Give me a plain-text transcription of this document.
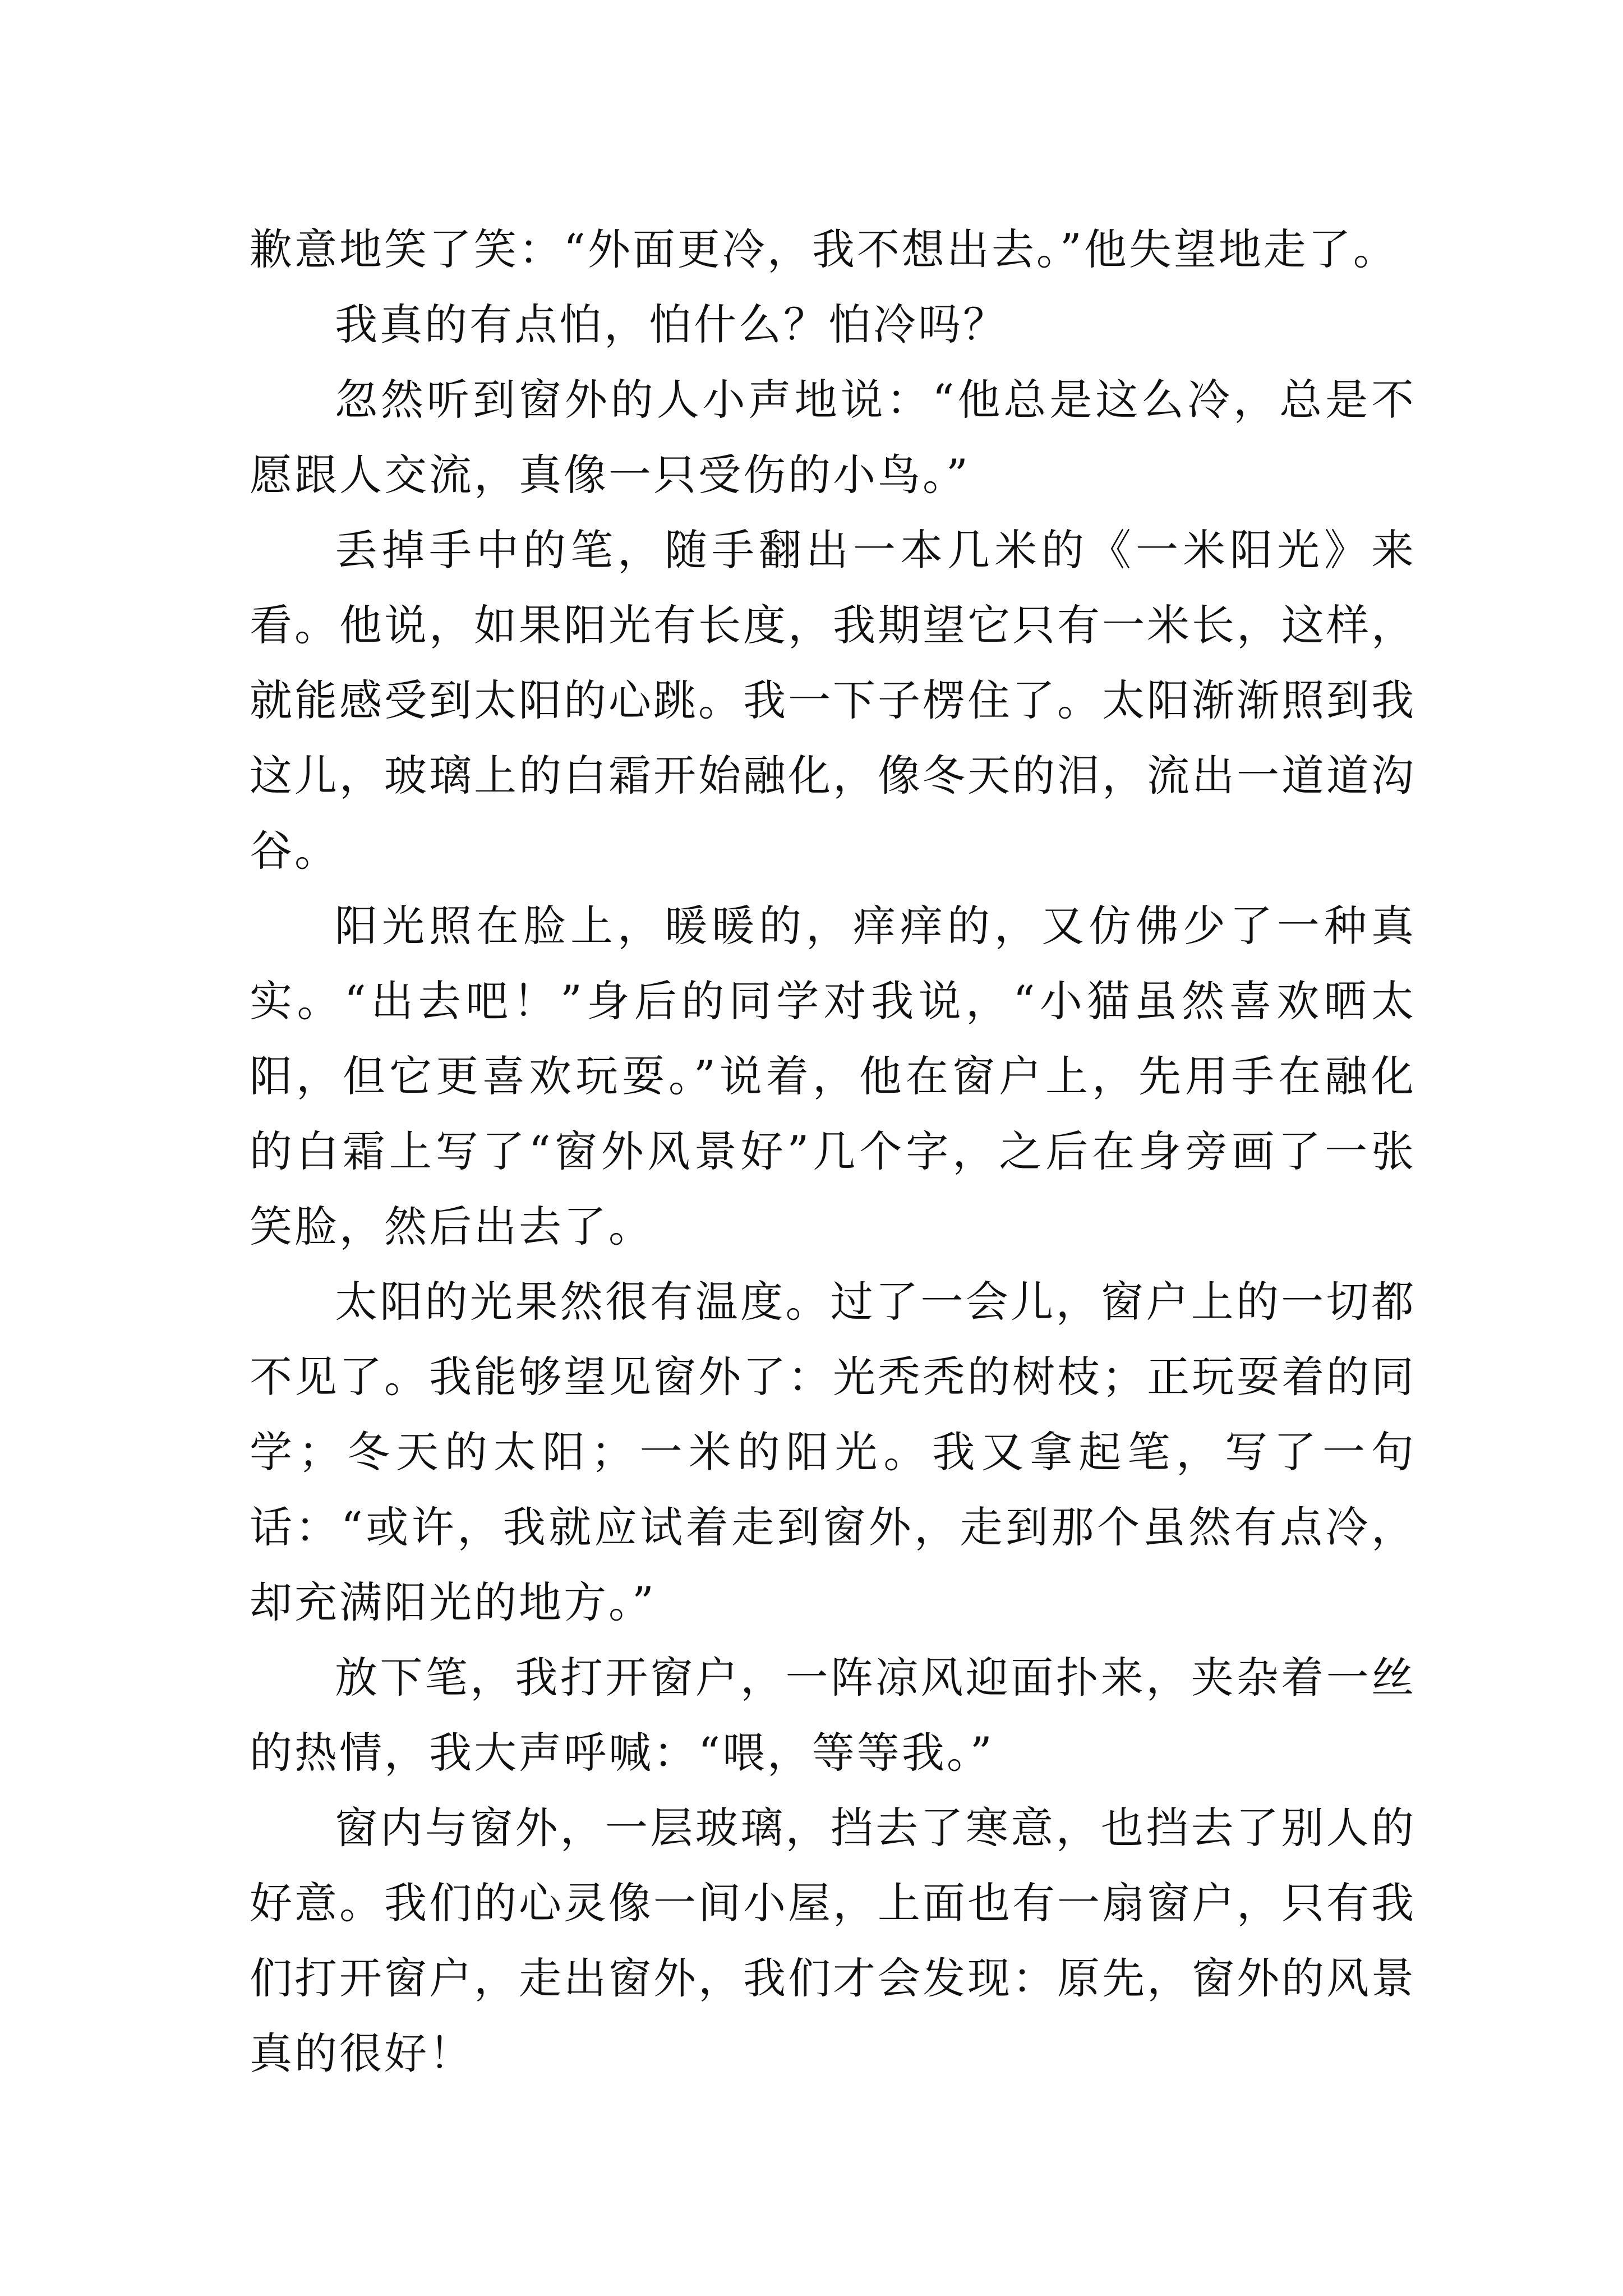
歉意地笑了笑：“外面更冷，我不想出去。”他失望地走了。

我真的有点怕，怕什么？怕冷吗？

忽然听到窗外的人小声地说：“他总是这么冷，总是不愿跟人交流，真像一只受伤的小鸟。”

丢掉手中的笔，随手翻出一本几米的《一米阳光》来看。他说，如果阳光有长度，我期望它只有一米长，这样，就能感受到太阳的心跳。我一下子楞住了。太阳渐渐照到我这儿，玻璃上的白霜开始融化，像冬天的泪，流出一道道沟谷。

阳光照在脸上，暖暖的，痒痒的，又仿佛少了一种真实。“出去吧！”身后的同学对我说，“小猫虽然喜欢晒太阳，但它更喜欢玩耍。”说着，他在窗户上，先用手在融化的白霜上写了“窗外风景好”几个字，之后在身旁画了一张笑脸，然后出去了。

太阳的光果然很有温度。过了一会儿，窗户上的一切都不见了。我能够望见窗外了：光秃秃的树枝；正玩耍着的同学；冬天的太阳；一米的阳光。我又拿起笔，写了一句话：“或许，我就应试着走到窗外，走到那个虽然有点冷，却充满阳光的地方。”

放下笔，我打开窗户，一阵凉风迎面扑来，夹杂着一丝的热情，我大声呼喊：“喂，等等我。”

窗内与窗外，一层玻璃，挡去了寒意，也挡去了别人的好意。我们的心灵像一间小屋，上面也有一扇窗户，只有我们打开窗户，走出窗外，我们才会发现：原先，窗外的风景真的很好！
